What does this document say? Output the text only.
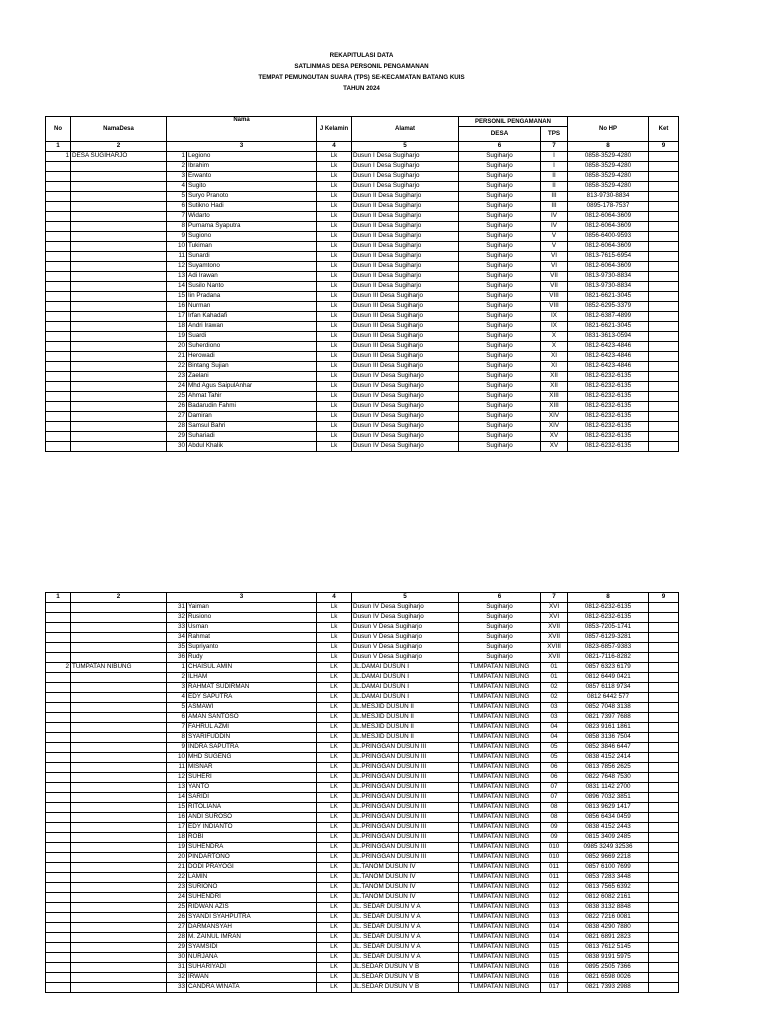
REKAPITULASI DATA
SATLINMAS DESA PERSONIL PENGAMANAN
TEMPAT PEMUNGUTAN SUARA (TPS) SE-KECAMATAN BATANG KUIS
TAHUN 2024
No	NamaDesa	Nama		J Kelamin	Alamat	PERSONIL PENGAMANAN		No HP	Ket
						DESA	TPS		
1	2	3		4	5	6	7	8	9
1	DESA SUGIHARJO	1	Legiono	Lk	Dusun I Desa Sugiharjo	Sugiharjo	I	0858-3529-4280	
		2	Ibrahim	Lk	Dusun I Desa Sugiharjo	Sugiharjo	I	0858-3529-4280	
		3	Erwanto	Lk	Dusun I Desa Sugiharjo	Sugiharjo	II	0858-3529-4280	
		4	Sugito	Lk	Dusun I Desa Sugiharjo	Sugiharjo	II	0858-3529-4280	
		5	Suryo Pranoto	Lk	Dusun II Desa Sugiharjo	Sugiharjo	III	813-9730-8834	
		6	Sutikno Hadi	Lk	Dusun II Desa Sugiharjo	Sugiharjo	III	0895-178-7537	
		7	Widarto	Lk	Dusun II Desa Sugiharjo	Sugiharjo	IV	0812-6064-3609	
		8	Purnama Syaputra	Lk	Dusun II Desa Sugiharjo	Sugiharjo	IV	0812-6064-3609	
		9	Sugiono	Lk	Dusun II Desa Sugiharjo	Sugiharjo	V	0856-6400-9593	
		10	Tukiman	Lk	Dusun II Desa Sugiharjo	Sugiharjo	V	0812-6064-3609	
		11	Sunardi	Lk	Dusun II Desa Sugiharjo	Sugiharjo	VI	0813-7615-6954	
		12	Suyamtono	Lk	Dusun II Desa Sugiharjo	Sugiharjo	VI	0812-6064-3609	
		13	Adi Irawan	Lk	Dusun II Desa Sugiharjo	Sugiharjo	VII	0813-9730-8834	
		14	Susilo Nanto	Lk	Dusun II Desa Sugiharjo	Sugiharjo	VII	0813-9730-8834	
		15	Iin Pradana	Lk	Dusun III Desa Sugiharjo	Sugiharjo	VIII	0821-6621-3045	
		16	Nurman	Lk	Dusun III Desa Sugiharjo	Sugiharjo	VIII	0852-6295-3379	
		17	Irfan Kahadafi	Lk	Dusun III Desa Sugiharjo	Sugiharjo	IX	0812-6387-4899	
		18	Andri Irawan	Lk	Dusun III Desa Sugiharjo	Sugiharjo	IX	0821-6621-3045	
		19	Suardi	Lk	Dusun III Desa Sugiharjo	Sugiharjo	X	0831-3613-0594	
		20	Suherdiono	Lk	Dusun III Desa Sugiharjo	Sugiharjo	X	0812-6423-4846	
		21	Herowadi	Lk	Dusun III Desa Sugiharjo	Sugiharjo	XI	0812-6423-4846	
		22	Bintang Sujian	Lk	Dusun III Desa Sugiharjo	Sugiharjo	XI	0812-6423-4846	
		23	Zaelani	Lk	Dusun IV Desa Sugiharjo	Sugiharjo	XII	0812-6232-6135	
		24	Mhd Agus SaipulAnhar	Lk	Dusun IV Desa Sugiharjo	Sugiharjo	XII	0812-6232-6135	
		25	Ahmat Tahir	Lk	Dusun IV Desa Sugiharjo	Sugiharjo	XIII	0812-6232-6135	
		26	Badarudin Fahmi	Lk	Dusun IV Desa Sugiharjo	Sugiharjo	XIII	0812-6232-6135	
		27	Damiran	Lk	Dusun IV Desa Sugiharjo	Sugiharjo	XIV	0812-6232-6135	
		28	Samsul Bahri	Lk	Dusun IV Desa Sugiharjo	Sugiharjo	XIV	0812-6232-6135	
		29	Suhariadi	Lk	Dusun IV Desa Sugiharjo	Sugiharjo	XV	0812-6232-6135	
		30	Abdul Khalik	Lk	Dusun IV Desa Sugiharjo	Sugiharjo	XV	0812-6232-6135	
1	2	3		4	5	6	7	8	9
		31	Yaiman	Lk	Dusun IV Desa Sugiharjo	Sugiharjo	XVI	0812-6232-6135	
		32	Rusiono	Lk	Dusun IV Desa Sugiharjo	Sugiharjo	XVI	0812-6232-6135	
		33	Usman	Lk	Dusun V Desa Sugiharjo	Sugiharjo	XVII	0853-7205-1741	
		34	Rahmat	Lk	Dusun V Desa Sugiharjo	Sugiharjo	XVII	0857-6129-3281	
		35	Supriyanto	Lk	Dusun V Desa Sugiharjo	Sugiharjo	XVIII	0823-6857-9383	
		36	Rudy	Lk	Dusun V Desa Sugiharjo	Sugiharjo	XVII	0821-7116-8282	
2	TUMPATAN NIBUNG	1	CHAISUL AMIN	LK	JL.DAMAI DUSUN I	TUMPATAN NIBUNG	01	0857 6323 6179	
		2	ILHAM	LK	JL.DAMAI DUSUN I	TUMPATAN NIBUNG	01	0812 6449 0421	
		3	RAHMAT SUDIRMAN	LK	JL.DAMAI DUSUN I	TUMPATAN NIBUNG	02	0857 6118 9734	
		4	EDY SAPUTRA	LK	JL.DAMAI DUSUN I	TUMPATAN NIBUNG	02	0812 6442 577	
		5	ASMAWI	LK	JL.MESJID DUSUN II	TUMPATAN NIBUNG	03	0852 7048 3138	
		6	AMAN SANTOSO	LK	JL.MESJID DUSUN II	TUMPATAN NIBUNG	03	0821 7397 7688	
		7	FAHRUL AZMI	LK	JL.MESJID DUSUN II	TUMPATAN NIBUNG	04	0823 9161 1861	
		8	SYARIFUDDIN	LK	JL.MESJID DUSUN II	TUMPATAN NIBUNG	04	0858 3136 7504	
		9	INDRA SAPUTRA	LK	JL.PRINGGAN DUSUN III	TUMPATAN NIBUNG	05	0852 3846 6447	
		10	MHD SUGENG	LK	JL.PRINGGAN DUSUN III	TUMPATAN NIBUNG	05	0838 4152 2414	
		11	MISNAR	LK	JL.PRINGGAN DUSUN III	TUMPATAN NIBUNG	06	0813 7856 2625	
		12	SUHERI	LK	JL.PRINGGAN DUSUN III	TUMPATAN NIBUNG	06	0822 7648 7530	
		13	YANTO	LK	JL.PRINGGAN DUSUN III	TUMPATAN NIBUNG	07	0831 1142 2700	
		14	SARIDI	LK	JL.PRINGGAN DUSUN III	TUMPATAN NIBUNG	07	0896 7032 3851	
		15	RITOLIANA	LK	JL.PRINGGAN DUSUN III	TUMPATAN NIBUNG	08	0813 9629 1417	
		16	ANDI SUROSO	LK	JL.PRINGGAN DUSUN III	TUMPATAN NIBUNG	08	0856 6434 0459	
		17	EDY INDIANTO	LK	JL.PRINGGAN DUSUN III	TUMPATAN NIBUNG	09	0838 4152 2443	
		18	ROBI	LK	JL.PRINGGAN DUSUN III	TUMPATAN NIBUNG	09	0815 3409 2485	
		19	SUHENDRA	LK	JL.PRINGGAN DUSUN III	TUMPATAN NIBUNG	010	0985 3249 32536	
		20	PINDARTONO	LK	JL.PRINGGAN DUSUN III	TUMPATAN NIBUNG	010	0852 9669 2218	
		21	DODI PRAYOGI	LK	JL.TANOM DUSUN IV	TUMPATAN NIBUNG	011	0857 6100 7699	
		22	LAMIN	LK	JL.TANOM DUSUN IV	TUMPATAN NIBUNG	011	0853 7283 3448	
		23	SURIONO	LK	JL.TANOM DUSUN IV	TUMPATAN NIBUNG	012	0813 7565 6392	
		24	SUHENDRI	LK	JL.TANOM DUSUN IV	TUMPATAN NIBUNG	012	0812 6082 2161	
		25	RIDWAN AZIS	LK	JL. SEDAR DUSUN V A	TUMPATAN NIBUNG	013	0838 3132 8848	
		26	SYANDI SYAHPUTRA	LK	JL. SEDAR DUSUN V A	TUMPATAN NIBUNG	013	0822 7216 0081	
		27	DARMANSYAH	LK	JL. SEDAR DUSUN V A	TUMPATAN NIBUNG	014	0838 4290 7880	
		28	M. ZAINUL IMRAN	LK	JL. SEDAR DUSUN V A	TUMPATAN NIBUNG	014	0821 6891 2823	
		29	SYAMSIDI	LK	JL. SEDAR DUSUN V A	TUMPATAN NIBUNG	015	0813 7612 5145	
		30	NURJANA	LK	JL. SEDAR DUSUN V A	TUMPATAN NIBUNG	015	0838 9191 5975	
		31	SUHARIYADI	LK	JL.SEDAR DUSUN V B	TUMPATAN NIBUNG	016	0895 2505 7366	
		32	IRWAN	LK	JL.SEDAR DUSUN V B	TUMPATAN NIBUNG	016	0821 6598 0026	
		33	CANDRA WINATA	LK	JL.SEDAR DUSUN V B	TUMPATAN NIBUNG	017	0821 7393 2988	
